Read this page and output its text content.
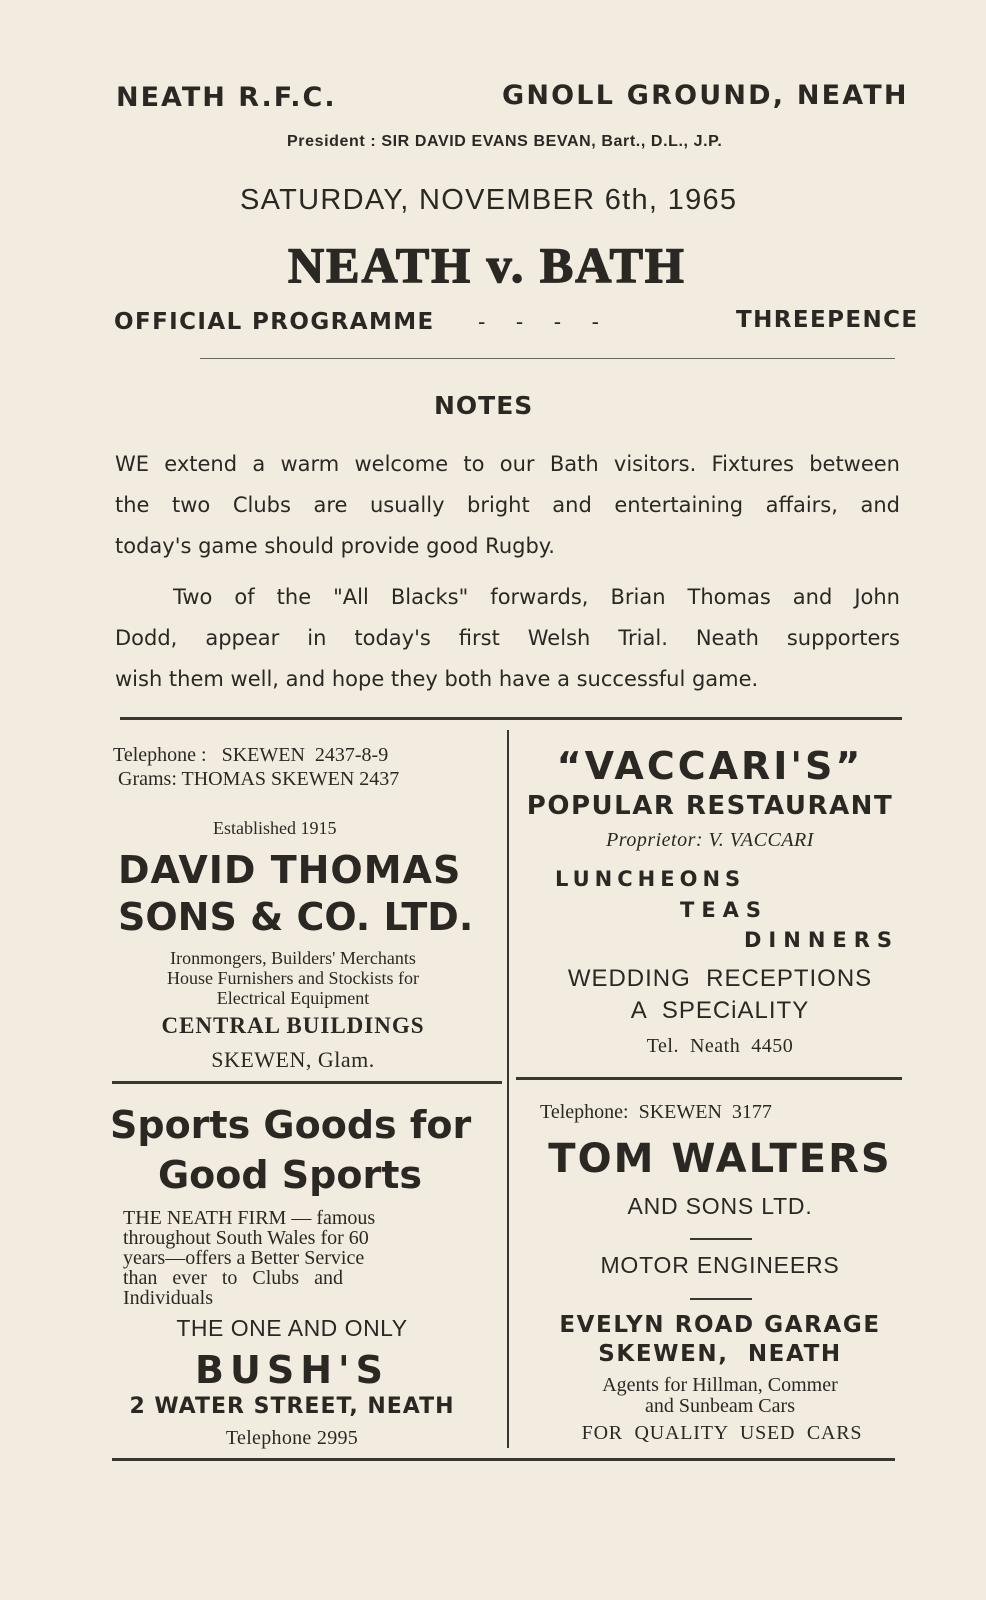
NEATH R.F.C.	GNOLL GROUND, NEATH
President : SIR DAVID EVANS BEVAN, Bart., D.L., J.P.
SATURDAY, NOVEMBER 6th, 1965
NEATH v. BATH
OFFICIAL PROGRAMME -     -     -     -	THREEPENCE
NOTES

WE extend a warm welcome to our Bath visitors. Fixtures between
the two Clubs are usually bright and entertaining affairs, and
today's game should provide good Rugby.

Two of the "All Blacks" forwards, Brian Thomas and John
Dodd, appear in today's first Welsh Trial. Neath supporters
wish them well, and hope they both have a successful game.

Telephone :   SKEWEN  2437-8-9
Grams: THOMAS SKEWEN 2437
Established 1915
DAVID THOMAS
SONS & CO. LTD.
Ironmongers, Builders' Merchants
House Furnishers and Stockists for
Electrical Equipment
CENTRAL BUILDINGS
SKEWEN, Glam.
“VACCARI'S”
POPULAR RESTAURANT
Proprietor: V. VACCARI
LUNCHEONS
TEAS
DINNERS
WEDDING  RECEPTIONS
A  SPECiALITY
Tel.  Neath  4450
Sports Goods for
Good Sports
THE NEATH FIRM — famous
throughout South Wales for 60
years—offers a Better Service
than   ever   to   Clubs   and
Individuals
THE ONE AND ONLY
BUSH'S
2 WATER STREET, NEATH
Telephone 2995
Telephone:  SKEWEN  3177
TOM WALTERS
AND SONS LTD.
MOTOR ENGINEERS
EVELYN ROAD GARAGE
SKEWEN,  NEATH
Agents for Hillman, Commer
and Sunbeam Cars
FOR  QUALITY  USED  CARS
